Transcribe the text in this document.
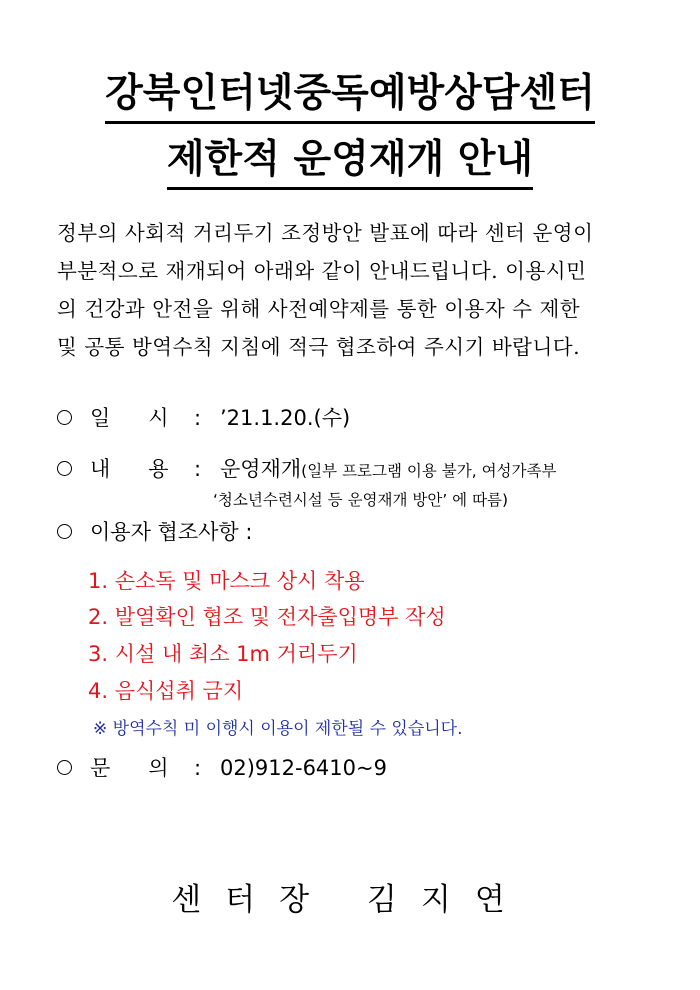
강북인터넷중독예방상담센터
제한적 운영재개 안내
정부의 사회적 거리두기 조정방안 발표에 따라 센터 운영이
부분적으로 재개되어 아래와 같이 안내드립니다. 이용시민
의 건강과 안전을 위해 사전예약제를 통한 이용자 수 제한
및 공통 방역수칙 지침에 적극 협조하여 주시기 바랍니다.
일 시 : ’21.1.20.(수)
내 용 : 운영재개(일부 프로그램 이용 불가, 여성가족부
‘청소년수련시설 등 운영재개 방안’ 에 따름)
이용자 협조사항 :
1. 손소독 및 마스크 상시 착용
2. 발열확인 협조 및 전자출입명부 작성
3. 시설 내 최소 1m 거리두기
4. 음식섭취 금지
※ 방역수칙 미 이행시 이용이 제한될 수 있습니다.
문 의 : 02)912-6410~9
센터장 김지연
